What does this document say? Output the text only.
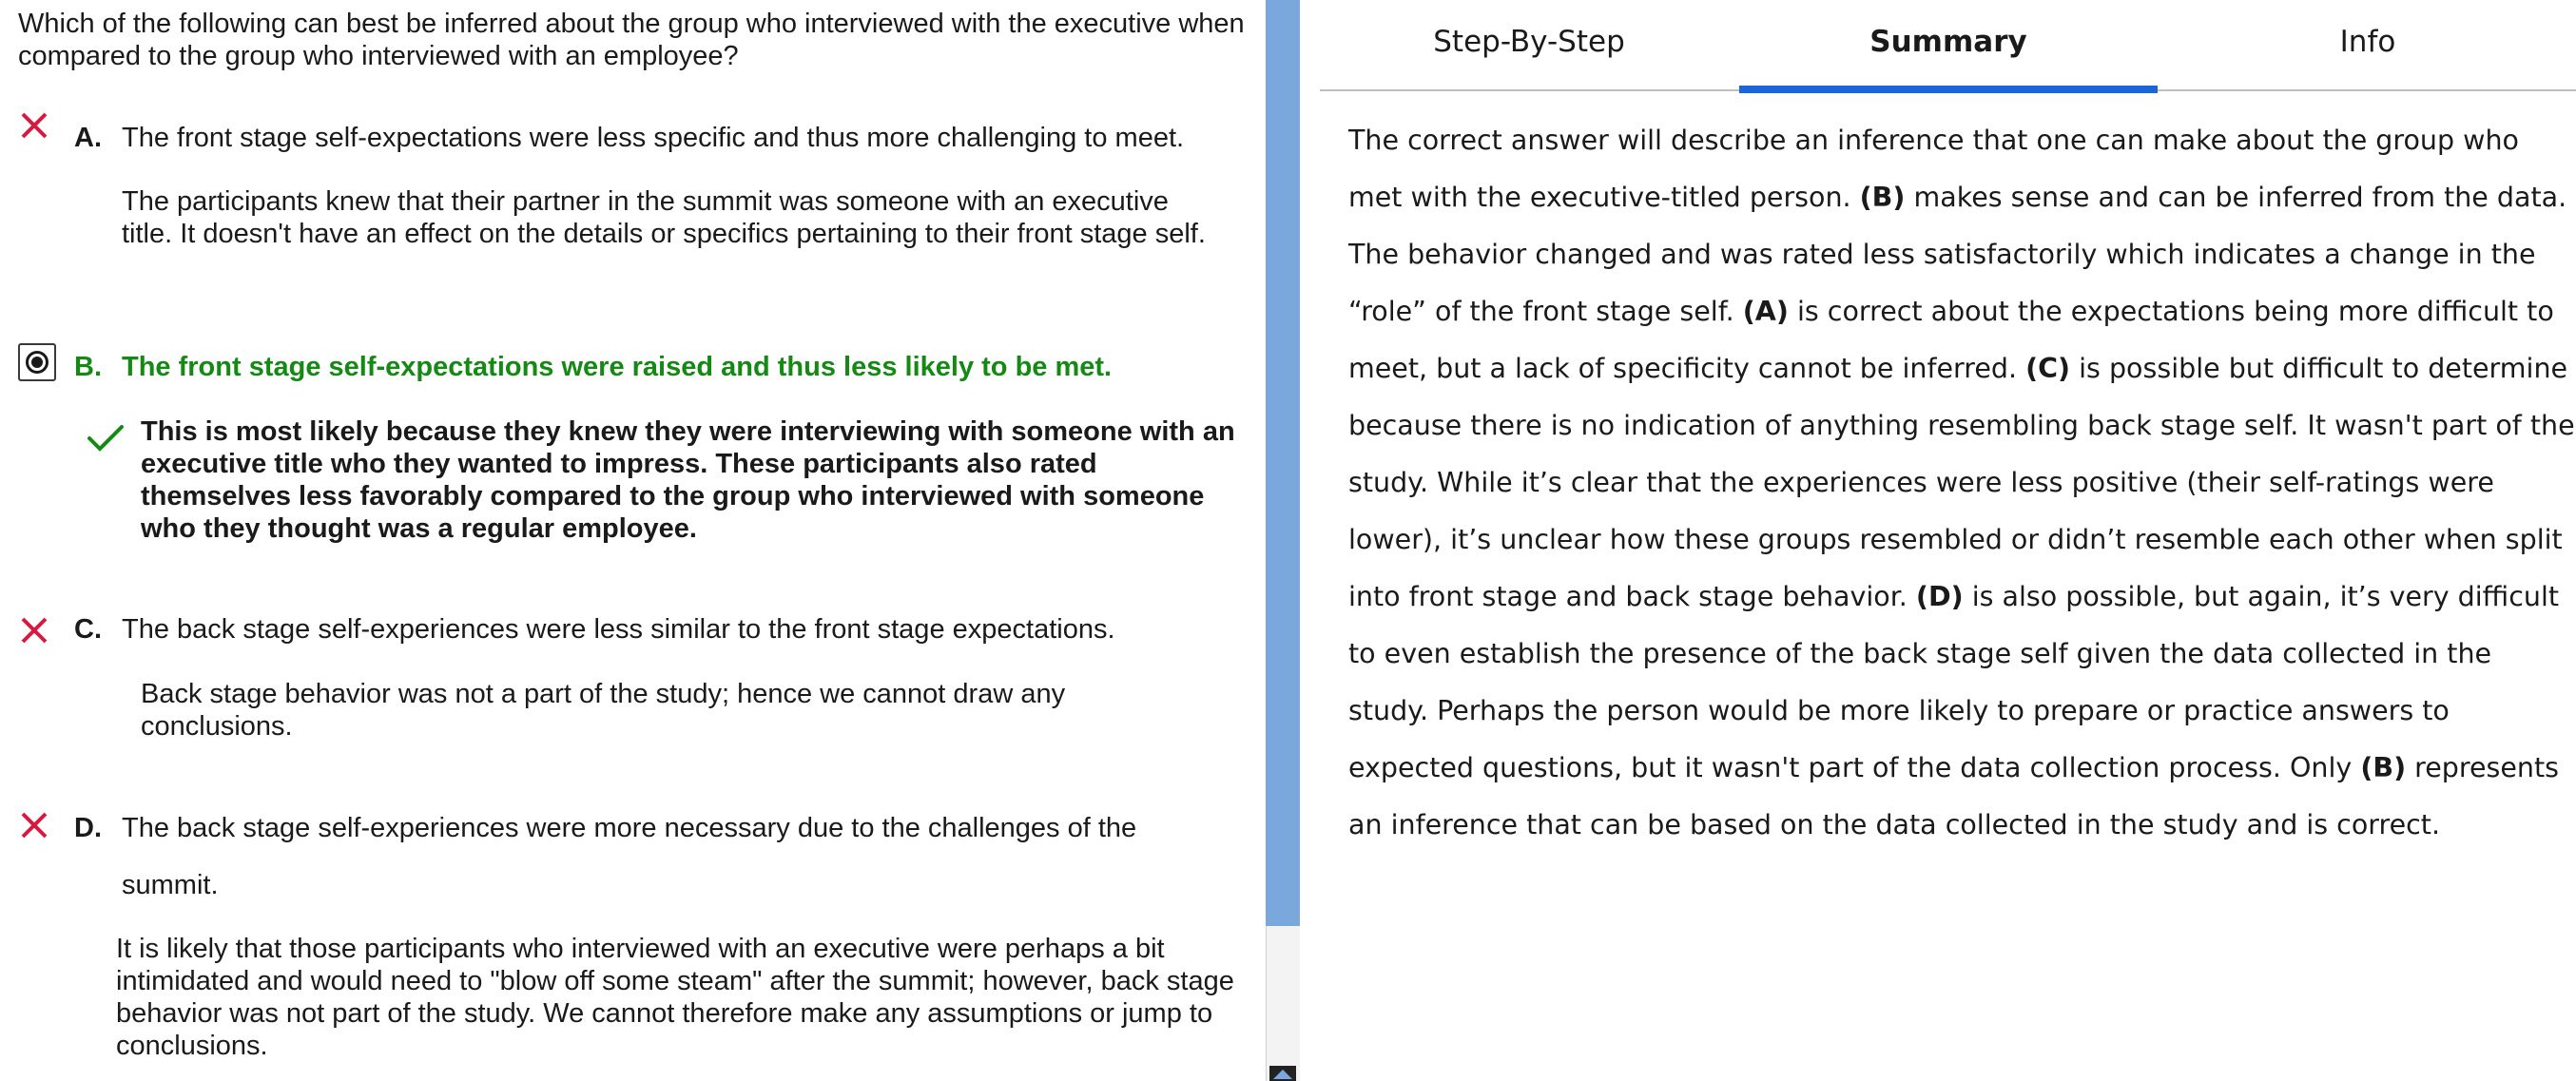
Which of the following can best be inferred about the group who interviewed with the executive when compared to the group who interviewed with an employee?
A. The front stage self-expectations were less specific and thus more challenging to meet.
The participants knew that their partner in the summit was someone with an executive title. It doesn't have an effect on the details or specifics pertaining to their front stage self.
B. The front stage self-expectations were raised and thus less likely to be met.
This is most likely because they knew they were interviewing with someone with an executive title who they wanted to impress. These participants also rated themselves less favorably compared to the group who interviewed with someone who they thought was a regular employee.
C. The back stage self-experiences were less similar to the front stage expectations.
Back stage behavior was not a part of the study; hence we cannot draw any conclusions.
D. The back stage self-experiences were more necessary due to the challenges of the
summit.
It is likely that those participants who interviewed with an executive were perhaps a bit intimidated and would need to "blow off some steam" after the summit; however, back stage behavior was not part of the study. We cannot therefore make any assumptions or jump to conclusions.
Step-By-Step	Summary	Info
The correct answer will describe an inference that one can make about the group who met with the executive-titled person. (B) makes sense and can be inferred from the data. The behavior changed and was rated less satisfactorily which indicates a change in the “role” of the front stage self. (A) is correct about the expectations being more difficult to meet, but a lack of specificity cannot be inferred. (C) is possible but difficult to determine because there is no indication of anything resembling back stage self. It wasn't part of the study. While it’s clear that the experiences were less positive (their self-ratings were lower), it’s unclear how these groups resembled or didn’t resemble each other when split into front stage and back stage behavior. (D) is also possible, but again, it’s very difficult to even establish the presence of the back stage self given the data collected in the study. Perhaps the person would be more likely to prepare or practice answers to expected questions, but it wasn't part of the data collection process. Only (B) represents an inference that can be based on the data collected in the study and is correct.
